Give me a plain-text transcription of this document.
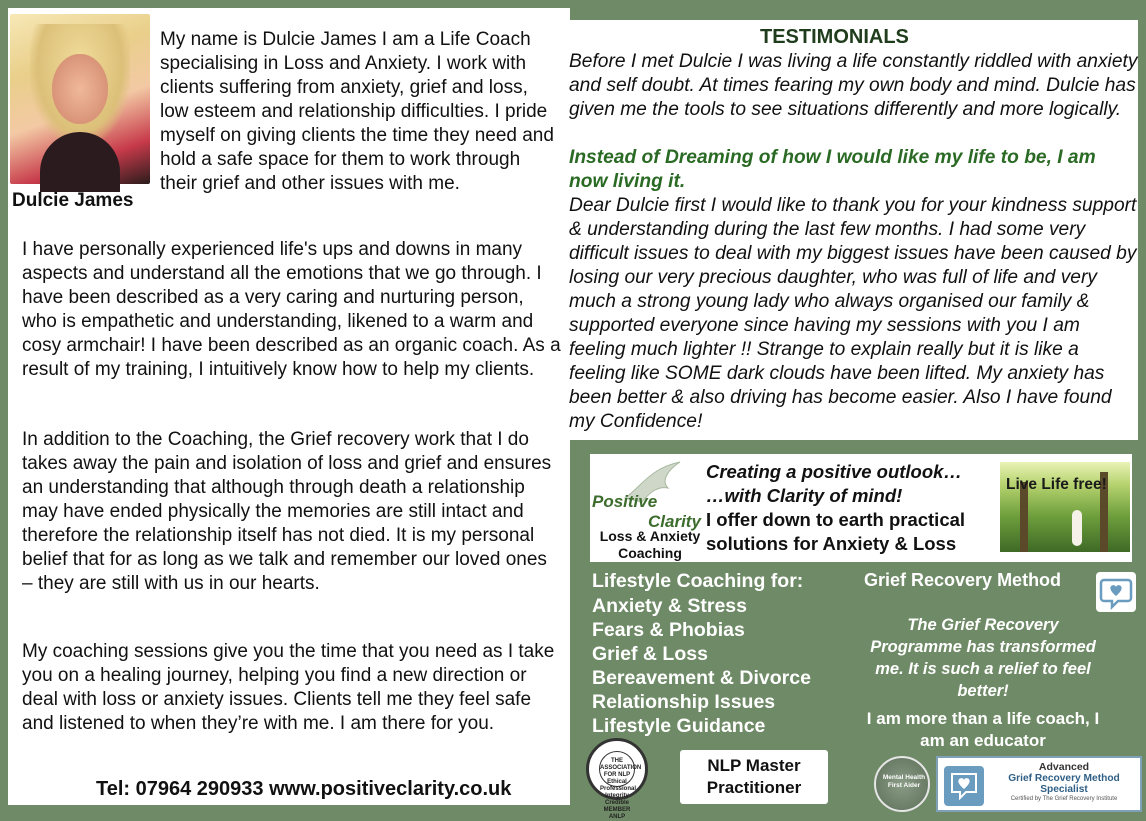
Dulcie James
My name is Dulcie James I am a Life Coach specialising in Loss and Anxiety. I work with clients suffering from anxiety, grief and loss, low esteem and relationship difficulties. I pride myself on giving clients the time they need and hold a safe space for them to work through their grief and other issues with me.
I have personally experienced life's ups and downs in many aspects and understand all the emotions that we go through. I have been described as a very caring and nurturing person, who is empathetic and understanding, likened to a warm and cosy armchair! I have been described as an organic coach. As a result of my training, I intuitively know how to help my clients.
In addition to the Coaching, the Grief recovery work that I do takes away the pain and isolation of loss and grief and ensures an understanding that although through death a relationship may have ended physically the memories are still intact and therefore the relationship itself has not died. It is my personal belief that for as long as we talk and remember our loved ones – they are still with us in our hearts.
My coaching sessions give you the time that you need as I take you on a healing journey, helping you find a new direction or deal with loss or anxiety issues. Clients tell me they feel safe and listened to when they’re with me. I am there for you.
Tel: 07964 290933 www.positiveclarity.co.uk
TESTIMONIALS
Before I met Dulcie I was living a life constantly riddled with anxiety and self doubt. At times fearing my own body and mind. Dulcie has given me the tools to see situations differently and more logically.
Instead of Dreaming of how I would like my life to be, I am now living it.
Dear Dulcie first I would like to thank you for your kindness support & understanding during the last few months. I had some very difficult issues to deal with my biggest issues have been caused by losing our very precious daughter, who was full of life and very much a strong young lady who always organised our family & supported everyone since having my sessions with you I am feeling much lighter !! Strange to explain really but it is like a feeling like SOME dark clouds have been lifted. My anxiety has been better & also driving has become easier. Also I have found my Confidence!
Positive
Clarity
Loss & Anxiety Coaching
Creating a positive outlook…
…with Clarity of mind!
I offer down to earth practical
solutions for Anxiety & Loss
Live Life free!
Lifestyle Coaching for:
Anxiety & Stress
Fears & Phobias
Grief & Loss
Bereavement & Divorce
Relationship Issues
Lifestyle Guidance
Grief Recovery Method
The Grief Recovery Programme has transformed me. It is such a relief to feel better!
I am more than a life coach, I am an educator
THE ASSOCIATION FOR NLP Ethical Professional Integrity Credible MEMBER ANLP
NLP Master Practitioner
Mental Health First Aider
Advanced
Grief Recovery Method Specialist
Certified by The Grief Recovery Institute
